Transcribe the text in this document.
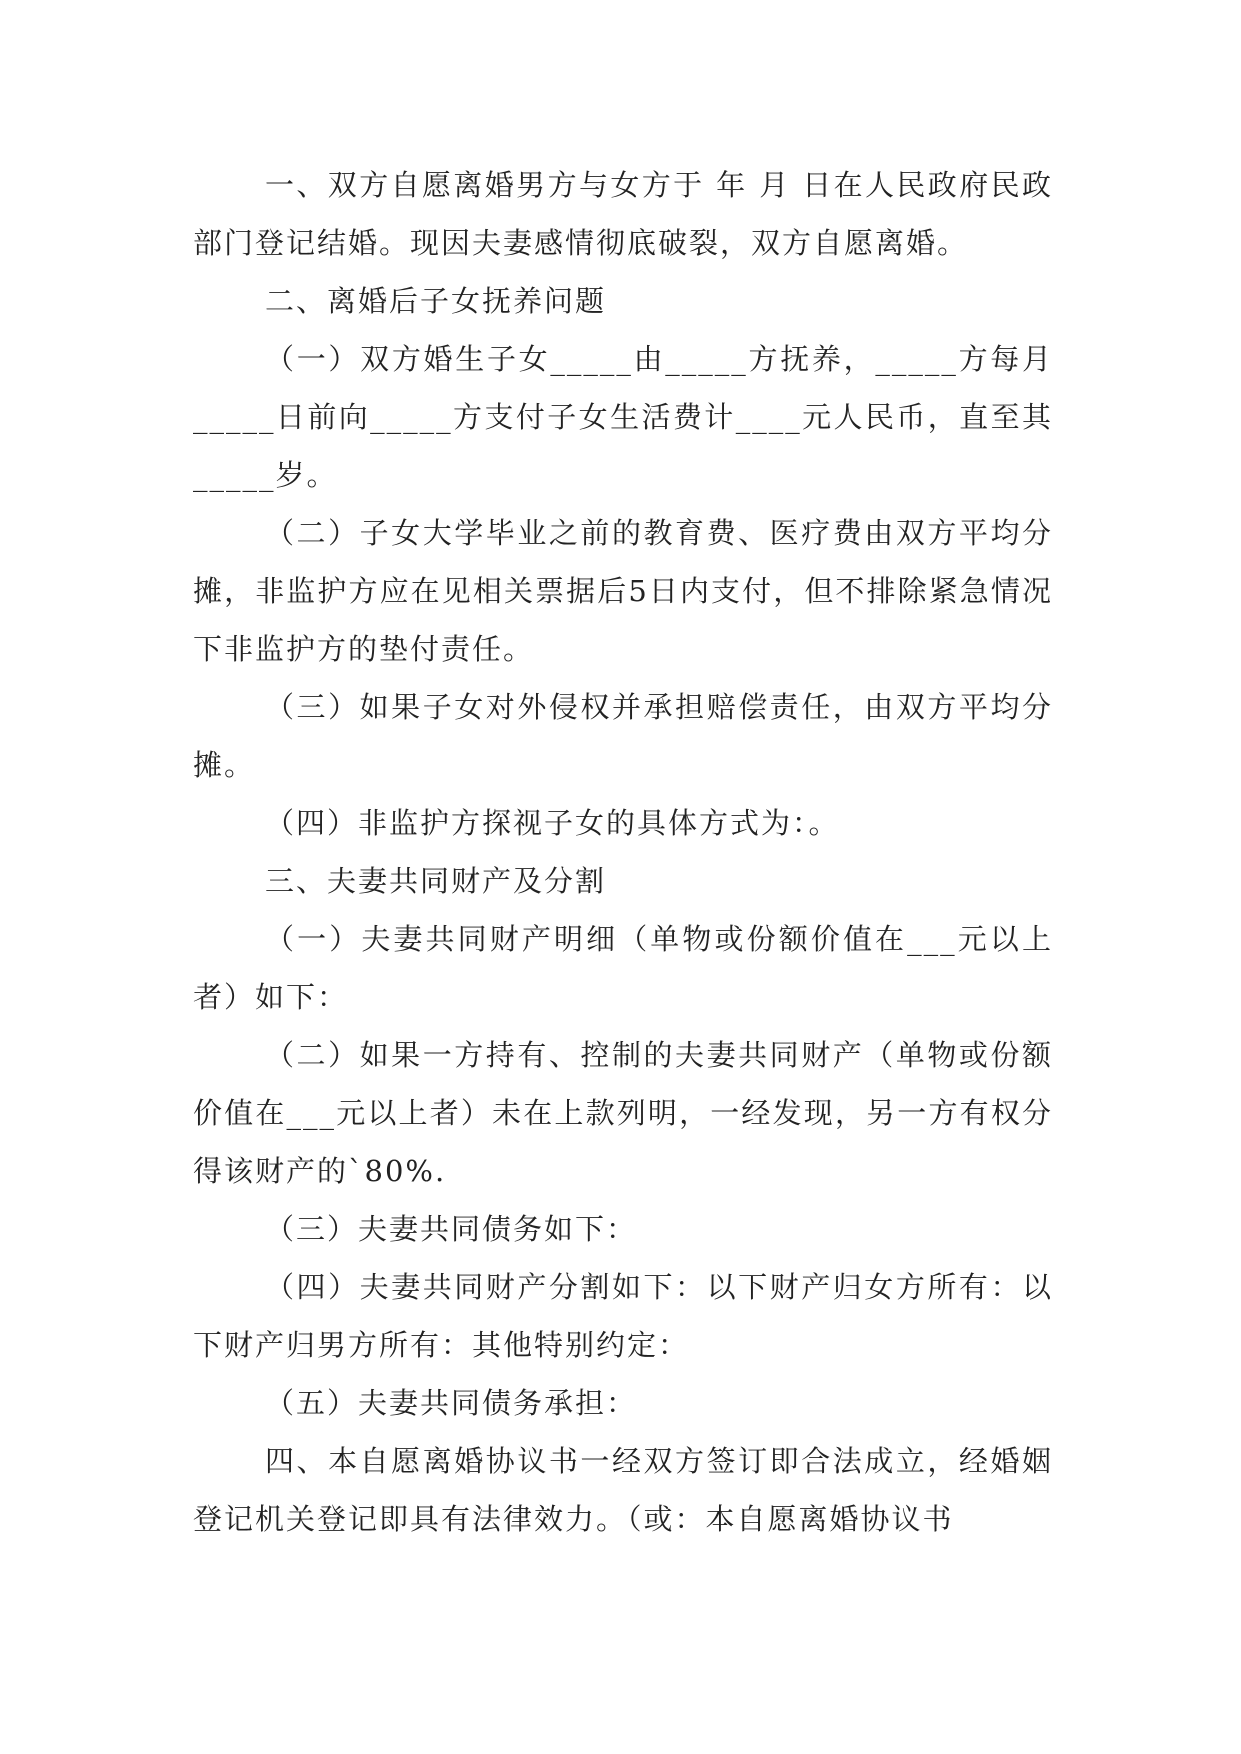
一、双方自愿离婚男方与女方于 年 月 日在人民政府民政部门登记结婚。现因夫妻感情彻底破裂，双方自愿离婚。

二、离婚后子女抚养问题

（一）双方婚生子女_____由_____方抚养，_____方每月_____日前向_____方支付子女生活费计____元人民币，直至其_____岁。

（二）子女大学毕业之前的教育费、医疗费由双方平均分摊，非监护方应在见相关票据后5日内支付，但不排除紧急情况下非监护方的垫付责任。

（三）如果子女对外侵权并承担赔偿责任，由双方平均分摊。

（四）非监护方探视子女的具体方式为：。

三、夫妻共同财产及分割

（一）夫妻共同财产明细（单物或份额价值在___元以上者）如下：

（二）如果一方持有、控制的夫妻共同财产（单物或份额价值在___元以上者）未在上款列明，一经发现，另一方有权分得该财产的`80%.

（三）夫妻共同债务如下：

（四）夫妻共同财产分割如下：以下财产归女方所有：以下财产归男方所有：其他特别约定：

（五）夫妻共同债务承担：

四、本自愿离婚协议书一经双方签订即合法成立，经婚姻登记机关登记即具有法律效力。（或：本自愿离婚协议书
